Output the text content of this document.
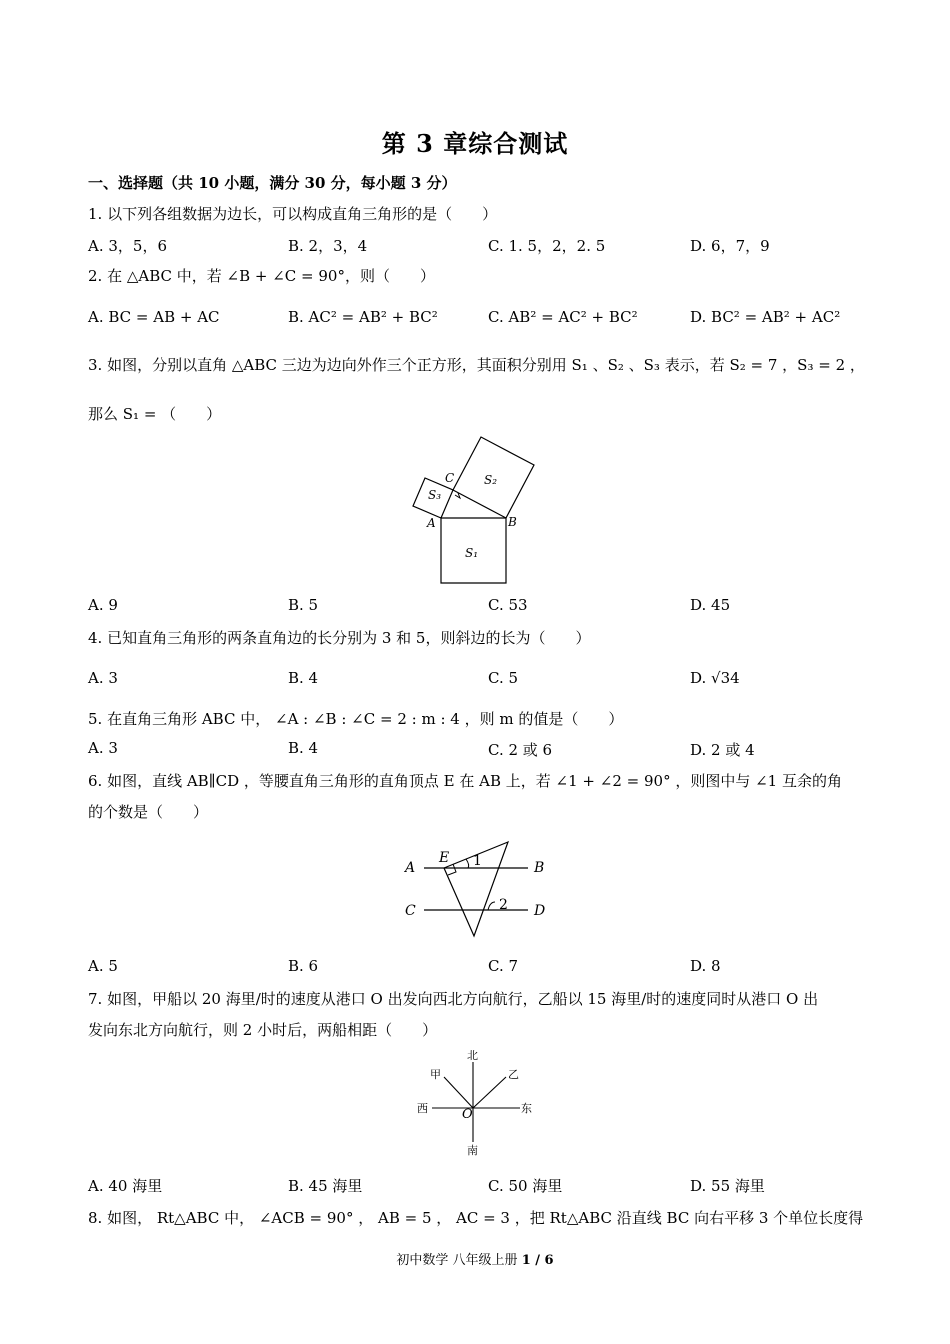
第 3 章综合测试
一、选择题（共 10 小题，满分 30 分，每小题 3 分）
1. 以下列各组数据为边长，可以构成直角三角形的是（　　）
A. 3，5，6	B. 2，3，4	C. 1. 5，2，2. 5	D. 6，7，9
2. 在 △ABC 中，若 ∠B + ∠C = 90°，则（　　）
A. BC = AB + AC	B. AC² = AB² + BC²	C. AB² = AC² + BC²	D. BC² = AB² + AC²
3. 如图，分别以直角 △ABC 三边为边向外作三个正方形，其面积分别用 S₁ 、S₂ 、S₃ 表示，若 S₂ = 7 ，S₃ = 2 ，
那么 S₁ = （　　）
C
A	B
S₃
S₂
S₁
A. 9	B. 5	C. 53	D. 45
4. 已知直角三角形的两条直角边的长分别为 3 和 5，则斜边的长为（　　）
A. 3	B. 4	C. 5	D. √34
5. 在直角三角形 ABC 中， ∠A : ∠B : ∠C = 2 : m : 4 ，则 m 的值是（　　）
A. 3	B. 4	C. 2 或 6	D. 2 或 4
6. 如图，直线 AB∥CD ，等腰直角三角形的直角顶点 E 在 AB 上，若 ∠1 + ∠2 = 90° ，则图中与 ∠1 互余的角
的个数是（　　）
A
E 1	B
C	2 D
A. 5	B. 6	C. 7	D. 8
7. 如图，甲船以 20 海里/时的速度从港口 O 出发向西北方向航行，乙船以 15 海里/时的速度同时从港口 O 出
发向东北方向航行，则 2 小时后，两船相距（　　）
北
甲	乙
西	O	东
南
A. 40 海里	B. 45 海里	C. 50 海里	D. 55 海里
8. 如图， Rt△ABC 中， ∠ACB = 90° ， AB = 5 ， AC = 3 ，把 Rt△ABC 沿直线 BC 向右平移 3 个单位长度得
初中数学 八年级上册 1 / 6
